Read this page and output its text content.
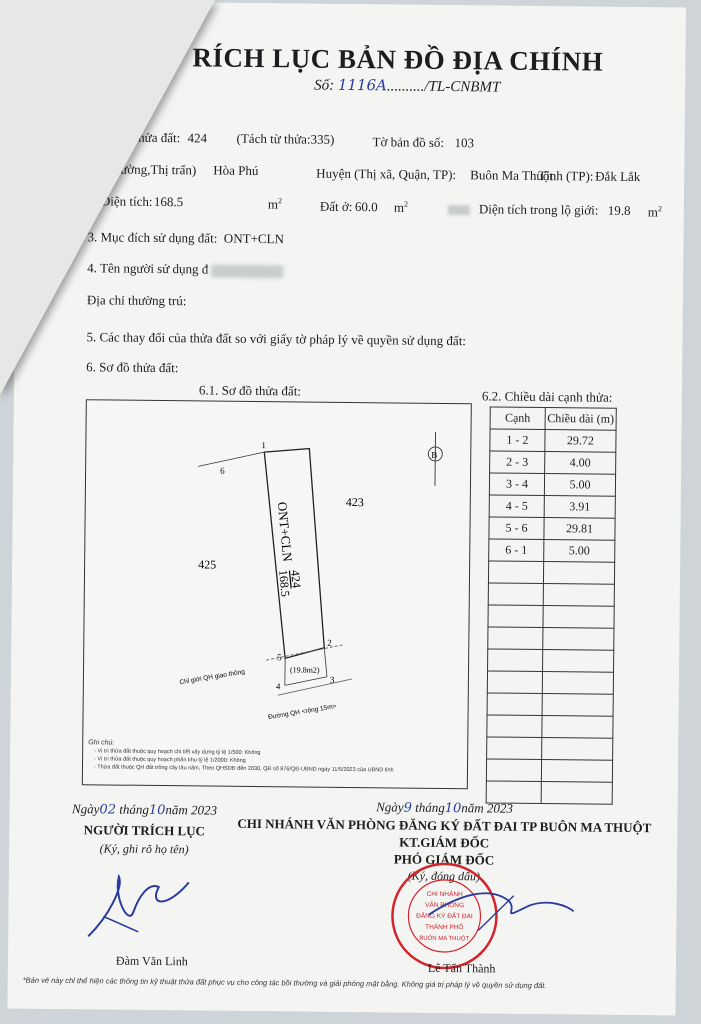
RÍCH LỤC BẢN ĐỒ ĐỊA CHÍNH
Số: 1116A........../TL-CNBMT
thửa đất: 424 (Tách từ thửa:335)	Tờ bản đồ số: 103
ường,Thị trấn) Hòa Phú	Huyện (Thị xã, Quận, TP): Buôn Ma Thuột
Tỉnh (TP): Đắk Lắk
Diện tích: 168.5	$m^2$	Đất ở: 60.0 $m^2$	Diện tích trong lộ giới: 19.8 $m^2$
3. Mục đích sử dụng đất: ONT+CLN
4. Tên người sử dụng đ
Địa chỉ thường trú:
5. Các thay đổi của thửa đất so với giấy tờ pháp lý về quyền sử dụng đất:
6. Sơ đồ thửa đất:
6.1. Sơ đồ thửa đất:	6.2. Chiều dài cạnh thửa:
B
423
425
ONT+CLN
424
168.5
(19.8m2)
1
2
3
4
5
6
Chỉ giới QH giao thông
Đường QH <rộng 15m>
Ghi chú:
- Vị trí thửa đất thuộc quy hoạch chi tiết xây dựng tỷ lệ 1/500: Không
- Vị trí thửa đất thuộc quy hoạch phân khu tỷ lệ 1/2000: Không
- Thửa đất thuộc QH đất trồng cây lâu năm, Theo QHSDĐ đến 2030, QĐ số 876/QĐ-UBND ngày 11/5/2023 của UBND tỉnh
Cạnh	Chiều dài (m)
1 - 2	29.72
2 - 3	4.00
3 - 4	5.00
4 - 5	3.91
5 - 6	29.81
6 - 1	5.00

Ngày02 tháng10năm 2023
NGƯỜI TRÍCH LỤC
(Ký, ghi rõ họ tên)
Đàm Văn Linh
Ngày9 tháng10năm 2023
CHI NHÁNH VĂN PHÒNG ĐĂNG KÝ ĐẤT ĐAI TP BUÔN MA THUỘT
KT.GIÁM ĐỐC
PHÓ GIÁM ĐỐC
(Ký, đóng dấu)
CHI NHÁNH
VĂN PHÒNG
ĐĂNG KÝ ĐẤT ĐAI
THÀNH PHỐ
BUÔN MA THUỘT
Lê Tấn Thành
*Bản vẽ này chỉ thể hiện các thông tin kỹ thuật thửa đất phục vụ cho công tác bồi thường và giải phóng mặt bằng. Không giá trị pháp lý về quyền sử dụng đất.
